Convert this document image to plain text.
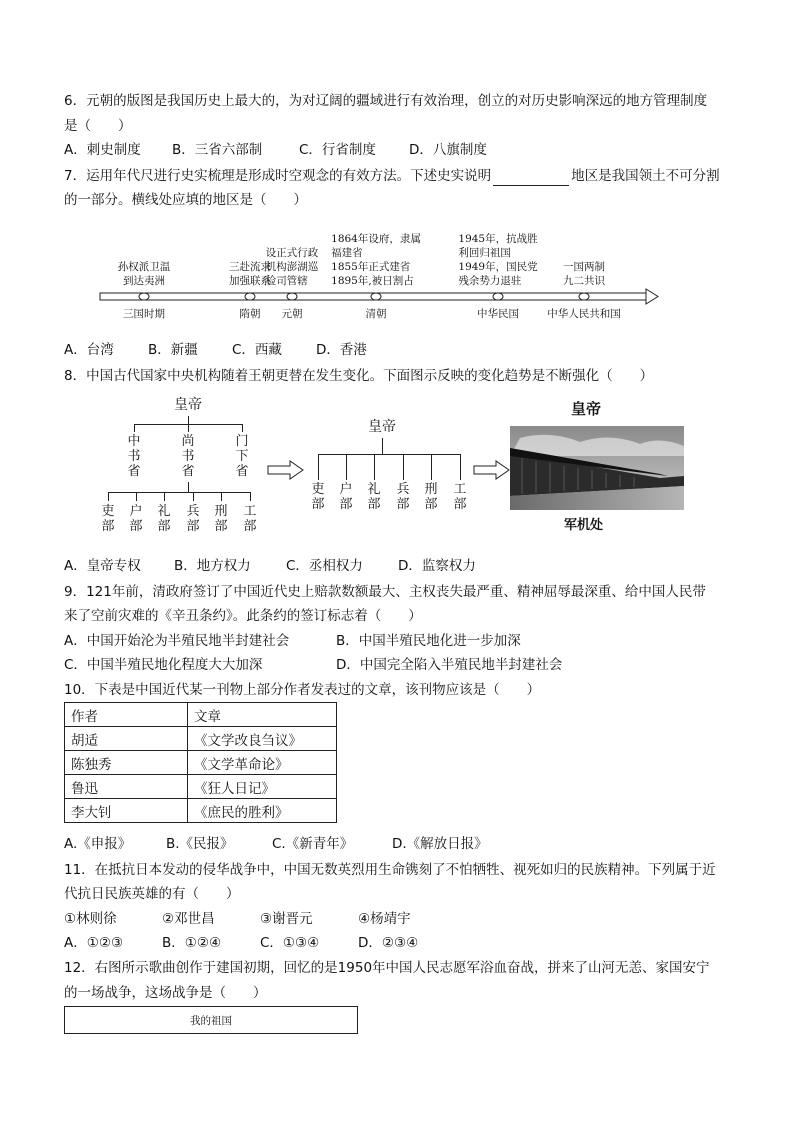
6．元朝的版图是我国历史上最大的，为对辽阔的疆域进行有效治理，创立的对历史影响深远的地方管理制度
是（　　）
A．刺史制度 B．三省六部制	C．行省制度 D．八旗制度
7．运用年代尺进行史实梳理是形成时空观念的有效方法。下述史实说明	地区是我国领土不可分割
的一部分。横线处应填的地区是（　　）
孙权派卫温
到达夷洲
三赴流求
加强联系
设正式行政
机构澎湖巡
检司管辖
1864年设府，隶属
福建省
1855年正式建省
1895年,被日割占
1945年，抗战胜
利回归祖国
1949年，国民党
残余势力退驻
一国两制
九二共识
三国时期	隋朝 元朝	清朝	中华民国	中华人民共和国
A．台湾	B．新疆	C．西藏	D．香港
8．中国古代国家中央机构随着王朝更替在发生变化。下面图示反映的变化趋势是不断强化（　　）
皇帝
中
书
省
尚
书
省
门
下
省
吏
部
户
部
礼
部
兵
部
刑
部
工
部
皇帝
吏
部
户
部
礼
部
兵
部
刑
部
工
部
皇帝
军机处
A．皇帝专权 B．地方权力	C．丞相权力	D．监察权力
9．121年前，清政府签订了中国近代史上赔款数额最大、主权丧失最严重、精神屈辱最深重、给中国人民带
来了空前灾难的《辛丑条约》。此条约的签订标志着（　　）
A．中国开始沦为半殖民地半封建社会	B．中国半殖民地化进一步加深
C．中国半殖民地化程度大大加深	D．中国完全陷入半殖民地半封建社会
10．下表是中国近代某一刊物上部分作者发表过的文章，该刊物应该是（　　）
作者	文章
胡适	《文学改良刍议》
陈独秀	《文学革命论》
鲁迅	《狂人日记》
李大钊	《庶民的胜利》
A.《申报》	B.《民报》	C.《新青年》	D.《解放日报》
11．在抵抗日本发动的侵华战争中，中国无数英烈用生命镌刻了不怕牺牲、视死如归的民族精神。下列属于近
代抗日民族英雄的有（　　）
①林则徐	②邓世昌	③谢晋元	④杨靖宇
A．①②③	B．①②④	C．①③④	D．②③④
12．右图所示歌曲创作于建国初期，回忆的是1950年中国人民志愿军浴血奋战，拼来了山河无恙、家国安宁
的一场战争，这场战争是（　　）
我的祖国
